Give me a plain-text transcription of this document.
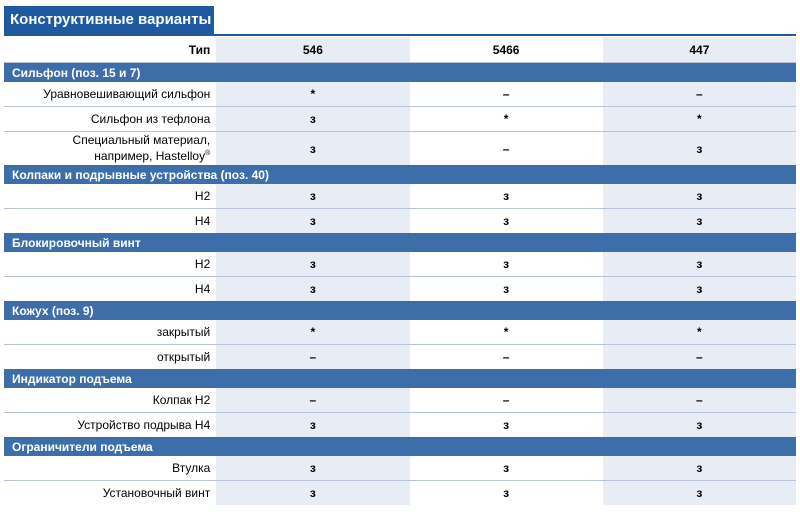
Конструктивные варианты
Тип	546	5466	447
Сильфон (поз. 15 и 7)			
Уравновешивающий сильфон	*	–	–
Сильфон из тефлона	з	*	*

Специальный материал,
например, Hastelloy®	з	–	з
Колпаки и подрывные устройства (поз. 40)			
H2	з	з	з
H4	з	з	з
Блокировочный винт			
H2	з	з	з
H4	з	з	з
Кожух (поз. 9)			
закрытый	*	*	*
открытый	–	–	–
Индикатор подъема			
Колпак H2	–	–	–
Устройство подрыва H4	з	з	з
Ограничители подъема			
Втулка	з	з	з
Установочный винт	з	з	з
